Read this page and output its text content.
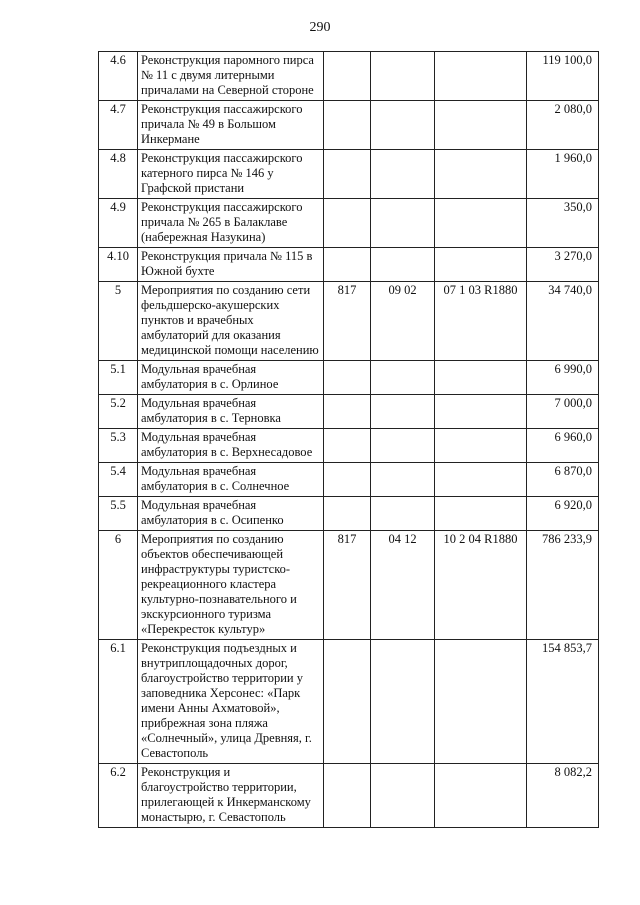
290
4.6	Реконструкция паромного пирса № 11 с двумя литерными причалами на Северной стороне				119 100,0
4.7	Реконструкция пассажирского причала № 49 в Большом Инкермане				2 080,0
4.8	Реконструкция пассажирского катерного пирса № 146 у Графской пристани				1 960,0
4.9	Реконструкция пассажирского причала № 265 в Балаклаве (набережная Назукина)				350,0
4.10	Реконструкция причала № 115 в Южной бухте				3 270,0
5	Мероприятия по созданию сети фельдшерско-акушерских пунктов и врачебных амбулаторий для оказания медицинской помощи населению	817	09 02	07 1 03 R1880	34 740,0
5.1	Модульная врачебная амбулатория в с. Орлиное				6 990,0
5.2	Модульная врачебная амбулатория в с. Терновка				7 000,0
5.3	Модульная врачебная амбулатория в с. Верхнесадовое				6 960,0
5.4	Модульная врачебная амбулатория в с. Солнечное				6 870,0
5.5	Модульная врачебная амбулатория в с. Осипенко				6 920,0
6	Мероприятия по созданию объектов обеспечивающей инфраструктуры туристско-рекреационного кластера культурно-познавательного и экскурсионного туризма «Перекресток культур»	817	04 12	10 2 04 R1880	786 233,9
6.1	Реконструкция подъездных и внутриплощадочных дорог, благоустройство территории у заповедника Херсонес: «Парк имени Анны Ахматовой», прибрежная зона пляжа «Солнечный», улица Древняя, г. Севастополь				154 853,7
6.2	Реконструкция и благоустройство территории, прилегающей к Инкерманскому монастырю, г. Севастополь				8 082,2
